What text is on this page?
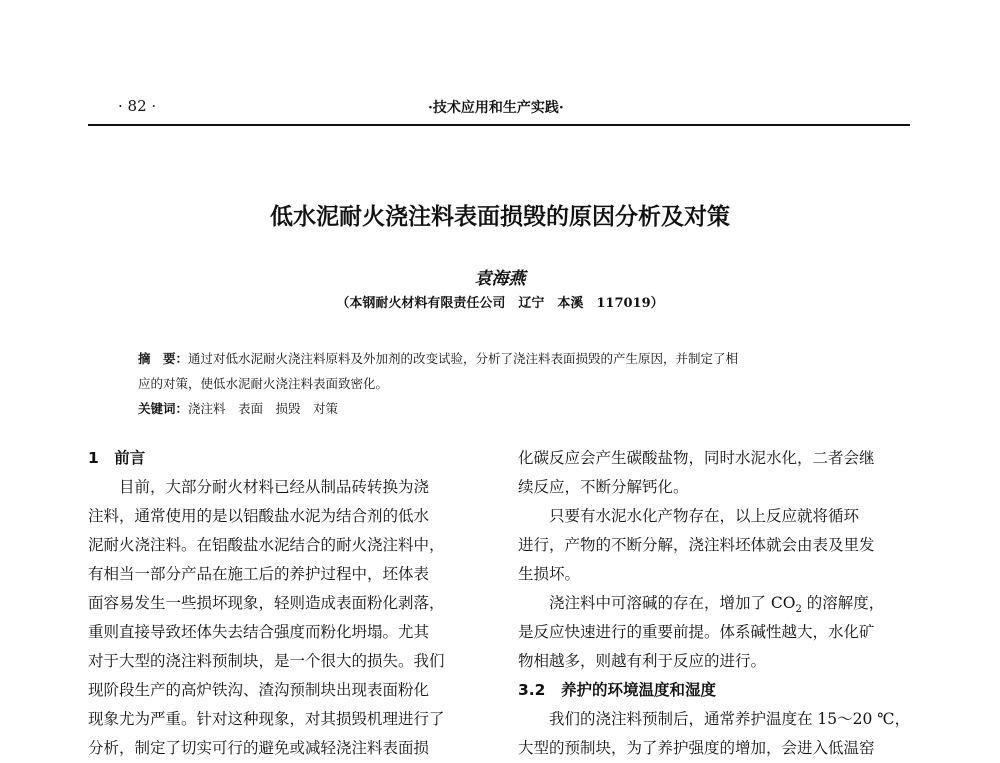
· 82 ·	·技术应用和生产实践·
低水泥耐火浇注料表面损毁的原因分析及对策
袁海燕
（本钢耐火材料有限责任公司　辽宁　本溪　117019）
摘　要：通过对低水泥耐火浇注料原料及外加剂的改变试验，分析了浇注料表面损毁的产生原因，并制定了相
应的对策，使低水泥耐火浇注料表面致密化。
关键词：浇注料　表面　损毁　对策
1　前言
目前，大部分耐火材料已经从制品砖转换为浇
注料，通常使用的是以铝酸盐水泥为结合剂的低水
泥耐火浇注料。在铝酸盐水泥结合的耐火浇注料中，
有相当一部分产品在施工后的养护过程中，坯体表
面容易发生一些损坏现象，轻则造成表面粉化剥落，
重则直接导致坯体失去结合强度而粉化坍塌。尤其
对于大型的浇注料预制块，是一个很大的损失。我们
现阶段生产的高炉铁沟、渣沟预制块出现表面粉化
现象尤为严重。针对这种现象，对其损毁机理进行了
分析，制定了切实可行的避免或减轻浇注料表面损
化碳反应会产生碳酸盐物，同时水泥水化，二者会继
续反应，不断分解钙化。
只要有水泥水化产物存在，以上反应就将循环
进行，产物的不断分解，浇注料坯体就会由表及里发
生损坏。
浇注料中可溶碱的存在，增加了 $CO_2$ 的溶解度，
是反应快速进行的重要前提。体系碱性越大，水化矿
物相越多，则越有利于反应的进行。
3.2　养护的环境温度和湿度
我们的浇注料预制后，通常养护温度在 15～20 ℃，
大型的预制块，为了养护强度的增加，会进入低温窑
